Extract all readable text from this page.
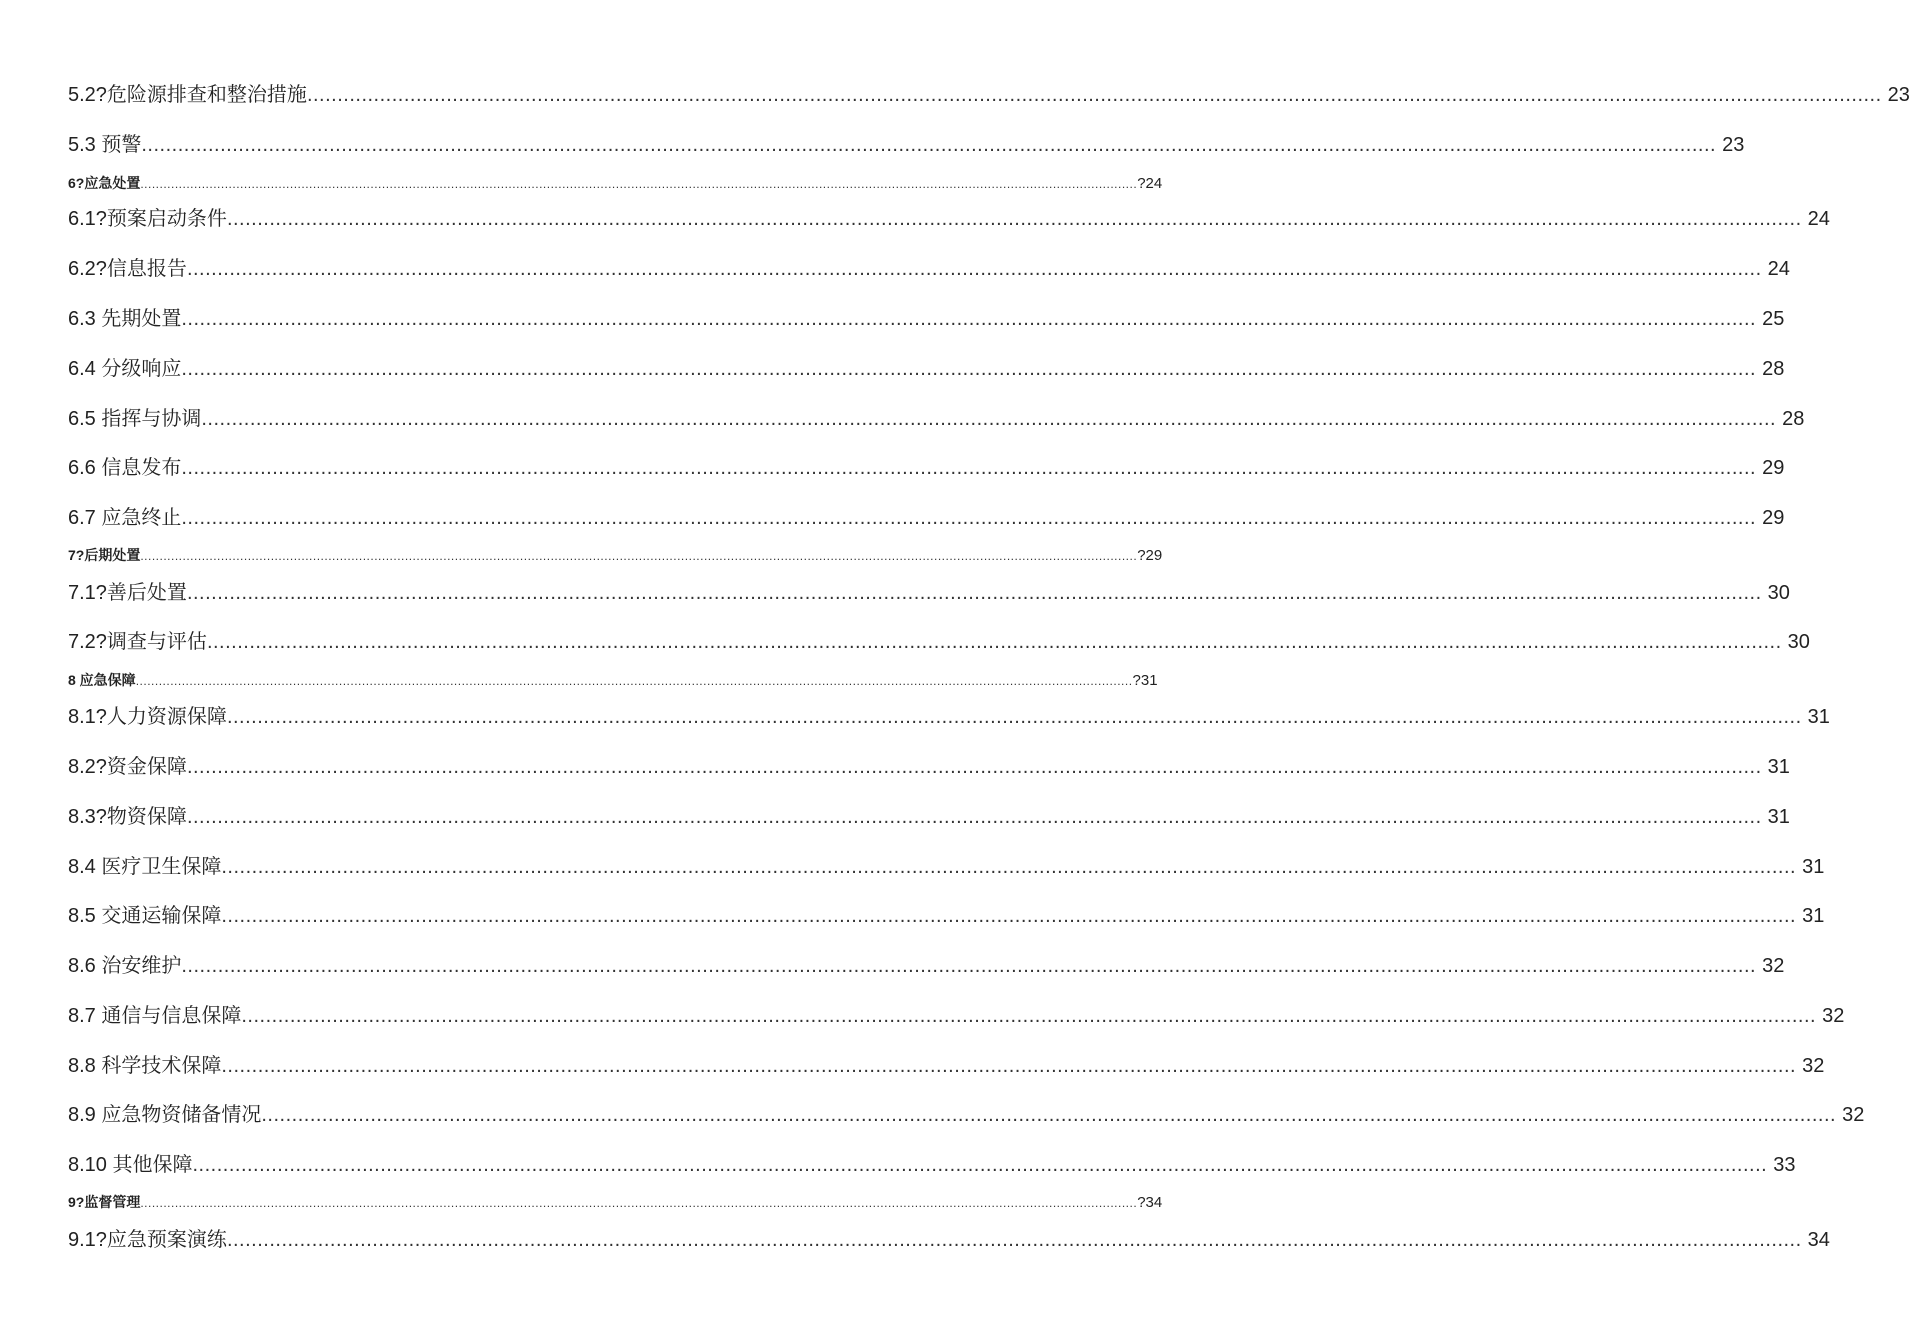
5.2?危险源排查和整治措施 .................................................................................................................................................................................................................................................................... 23
5.3 预警 .................................................................................................................................................................................................................................................................... 23
6?应急处置 .................................................................................................................................................................................................................................................................... ?24
6.1?预案启动条件 .................................................................................................................................................................................................................................................................... 24
6.2?信息报告 .................................................................................................................................................................................................................................................................... 24
6.3 先期处置 .................................................................................................................................................................................................................................................................... 25
6.4 分级响应 .................................................................................................................................................................................................................................................................... 28
6.5 指挥与协调 .................................................................................................................................................................................................................................................................... 28
6.6 信息发布 .................................................................................................................................................................................................................................................................... 29
6.7 应急终止 .................................................................................................................................................................................................................................................................... 29
7?后期处置 .................................................................................................................................................................................................................................................................... ?29
7.1?善后处置 .................................................................................................................................................................................................................................................................... 30
7.2?调查与评估 .................................................................................................................................................................................................................................................................... 30
8 应急保障 .................................................................................................................................................................................................................................................................... ?31
8.1?人力资源保障 .................................................................................................................................................................................................................................................................... 31
8.2?资金保障 .................................................................................................................................................................................................................................................................... 31
8.3?物资保障 .................................................................................................................................................................................................................................................................... 31
8.4 医疗卫生保障 .................................................................................................................................................................................................................................................................... 31
8.5 交通运输保障 .................................................................................................................................................................................................................................................................... 31
8.6 治安维护 .................................................................................................................................................................................................................................................................... 32
8.7 通信与信息保障 .................................................................................................................................................................................................................................................................... 32
8.8 科学技术保障 .................................................................................................................................................................................................................................................................... 32
8.9 应急物资储备情况 .................................................................................................................................................................................................................................................................... 32
8.10 其他保障 .................................................................................................................................................................................................................................................................... 33
9?监督管理 .................................................................................................................................................................................................................................................................... ?34
9.1?应急预案演练 .................................................................................................................................................................................................................................................................... 34
